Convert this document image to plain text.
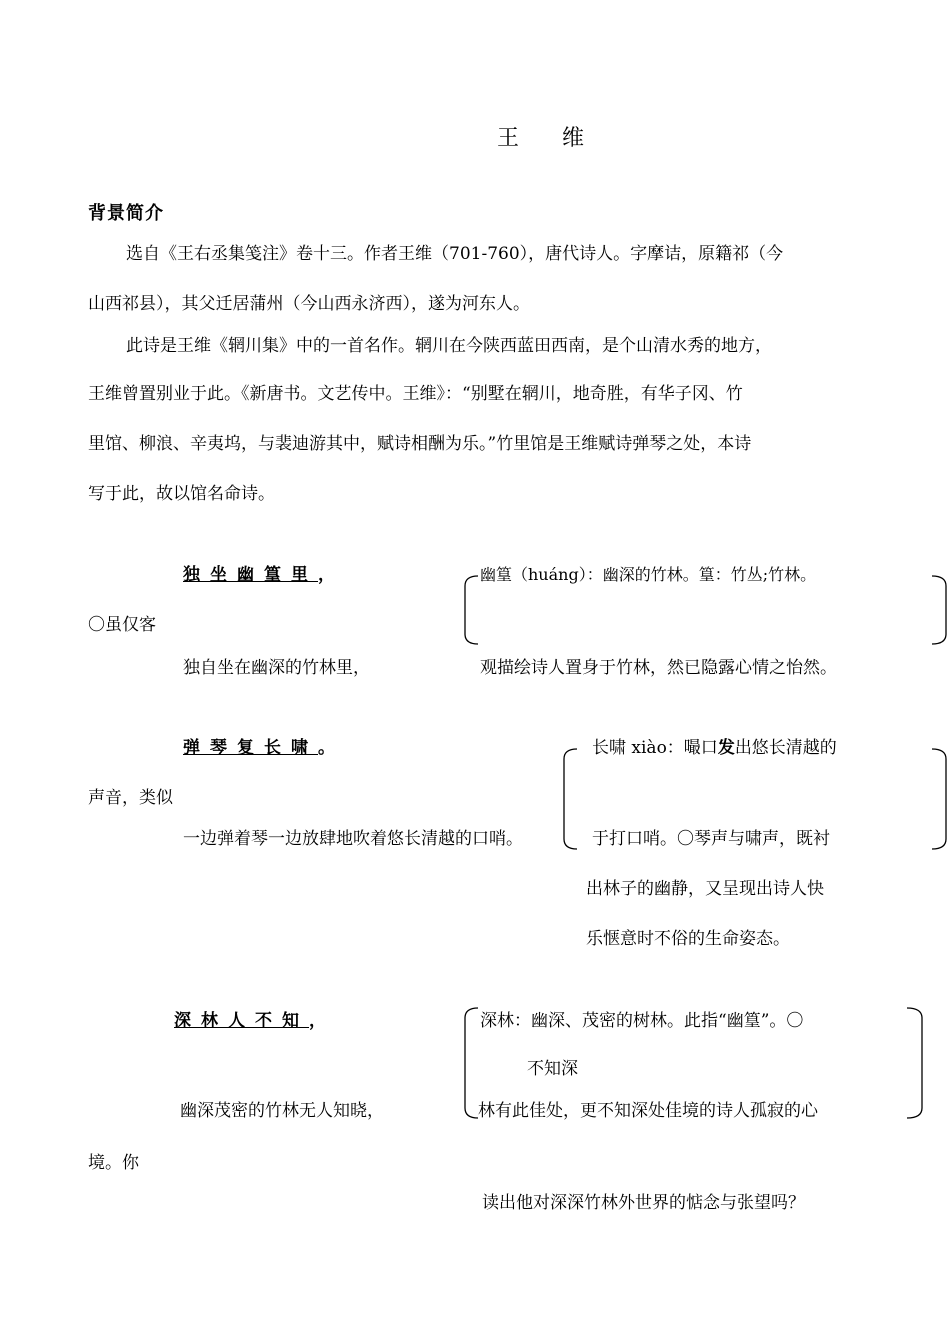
王 维
背景简介
选自《王右丞集笺注》卷十三。作者王维（701-760），唐代诗人。字摩诘，原籍祁（今
山西祁县），其父迁居蒲州（今山西永济西），遂为河东人。
此诗是王维《辋川集》中的一首名作。辋川在今陕西蓝田西南，是个山清水秀的地方，
王维曾置别业于此。《新唐书。文艺传中。王维》：“别墅在辋川，地奇胜，有华子冈、竹
里馆、柳浪、辛夷坞，与裴迪游其中，赋诗相酬为乐。”竹里馆是王维赋诗弹琴之处，本诗
写于此，故以馆名命诗。
独坐幽篁里，	幽篁（huáng）：幽深的竹林。篁：竹丛;竹林。
〇虽仅客
独自坐在幽深的竹林里，	观描绘诗人置身于竹林，然已隐露心情之怡然。
弹琴复长啸。	长啸 xiào：嘬口发出悠长清越的
声音，类似
一边弹着琴一边放肆地吹着悠长清越的口哨。	于打口哨。〇琴声与啸声，既衬
出林子的幽静，又呈现出诗人快
乐惬意时不俗的生命姿态。
深林人不知，	深林：幽深、茂密的树林。此指“幽篁”。〇
不知深
幽深茂密的竹林无人知晓，	林有此佳处，更不知深处佳境的诗人孤寂的心
境。你
读出他对深深竹林外世界的惦念与张望吗？
